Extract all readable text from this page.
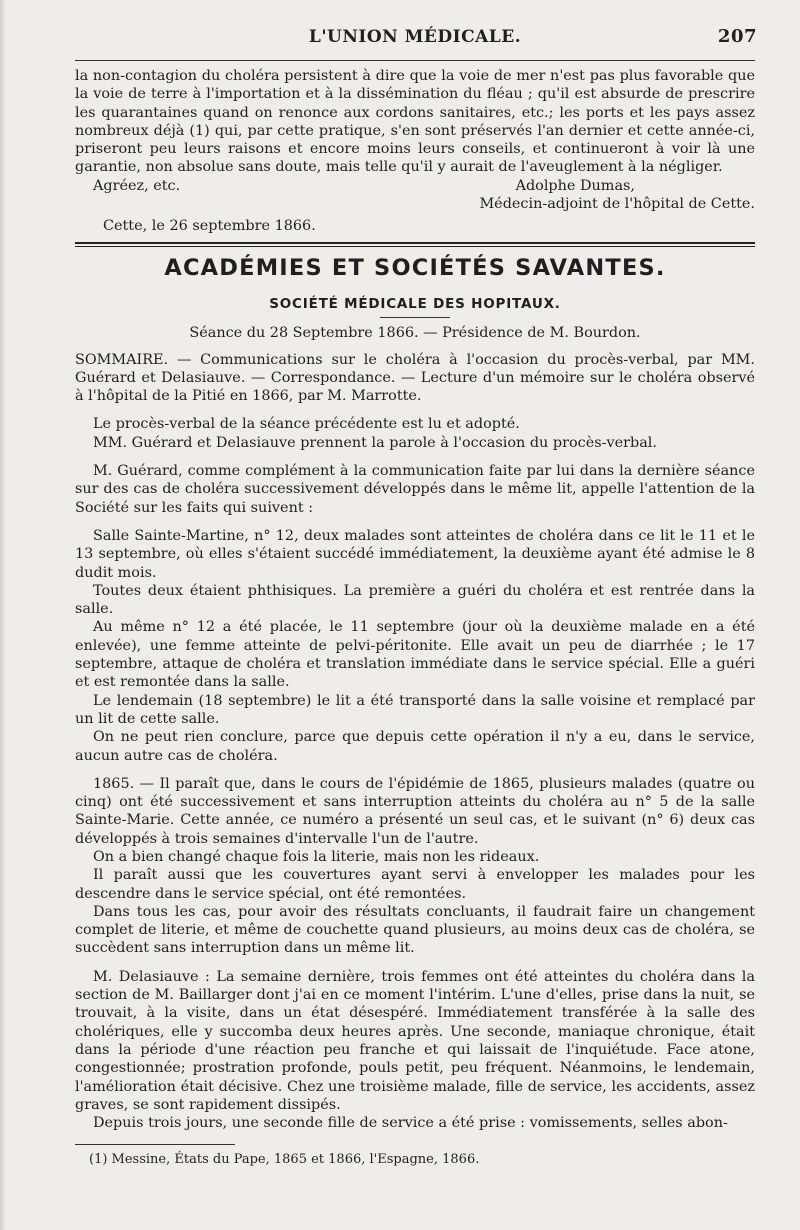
L'UNION MÉDICALE.	207

la non-contagion du choléra persistent à dire que la voie de mer n'est pas plus favorable que la voie de terre à l'importation et à la dissémination du fléau ; qu'il est absurde de prescrire les quarantaines quand on renonce aux cordons sanitaires, etc.; les ports et les pays assez nombreux déjà (1) qui, par cette pratique, s'en sont préservés l'an dernier et cette année-ci, priseront peu leurs raisons et encore moins leurs conseils, et continueront à voir là une garantie, non absolue sans doute, mais telle qu'il y aurait de l'aveuglement à la négliger.

Agréez, etc.	Adolphe Dumas,

Médecin-adjoint de l'hôpital de Cette.

Cette, le 26 septembre 1866.

ACADÉMIES ET SOCIÉTÉS SAVANTES.
SOCIÉTÉ MÉDICALE DES HOPITAUX.

Séance du 28 Septembre 1866. — Présidence de M. Bourdon.

SOMMAIRE. — Communications sur le choléra à l'occasion du procès-verbal, par MM. Guérard et Delasiauve. — Correspondance. — Lecture d'un mémoire sur le choléra observé à l'hôpital de la Pitié en 1866, par M. Marrotte.

Le procès-verbal de la séance précédente est lu et adopté.

MM. Guérard et Delasiauve prennent la parole à l'occasion du procès-verbal.

M. Guérard, comme complément à la communication faite par lui dans la dernière séance sur des cas de choléra successivement développés dans le même lit, appelle l'attention de la Société sur les faits qui suivent :

Salle Sainte-Martine, n° 12, deux malades sont atteintes de choléra dans ce lit le 11 et le 13 septembre, où elles s'étaient succédé immédiatement, la deuxième ayant été admise le 8 dudit mois.

Toutes deux étaient phthisiques. La première a guéri du choléra et est rentrée dans la salle.

Au même n° 12 a été placée, le 11 septembre (jour où la deuxième malade en a été enlevée), une femme atteinte de pelvi-péritonite. Elle avait un peu de diarrhée ; le 17 septembre, attaque de choléra et translation immédiate dans le service spécial. Elle a guéri et est remontée dans la salle.

Le lendemain (18 septembre) le lit a été transporté dans la salle voisine et remplacé par un lit de cette salle.

On ne peut rien conclure, parce que depuis cette opération il n'y a eu, dans le service, aucun autre cas de choléra.

1865. — Il paraît que, dans le cours de l'épidémie de 1865, plusieurs malades (quatre ou cinq) ont été successivement et sans interruption atteints du choléra au n° 5 de la salle Sainte-Marie. Cette année, ce numéro a présenté un seul cas, et le suivant (n° 6) deux cas développés à trois semaines d'intervalle l'un de l'autre.

On a bien changé chaque fois la literie, mais non les rideaux.

Il paraît aussi que les couvertures ayant servi à envelopper les malades pour les descendre dans le service spécial, ont été remontées.

Dans tous les cas, pour avoir des résultats concluants, il faudrait faire un changement complet de literie, et même de couchette quand plusieurs, au moins deux cas de choléra, se succèdent sans interruption dans un même lit.

M. Delasiauve : La semaine dernière, trois femmes ont été atteintes du choléra dans la section de M. Baillarger dont j'ai en ce moment l'intérim. L'une d'elles, prise dans la nuit, se trouvait, à la visite, dans un état désespéré. Immédiatement transférée à la salle des cholériques, elle y succomba deux heures après. Une seconde, maniaque chronique, était dans la période d'une réaction peu franche et qui laissait de l'inquiétude. Face atone, congestionnée; prostration profonde, pouls petit, peu fréquent. Néanmoins, le lendemain, l'amélioration était décisive. Chez une troisième malade, fille de service, les accidents, assez graves, se sont rapidement dissipés.

Depuis trois jours, une seconde fille de service a été prise : vomissements, selles abon-

(1) Messine, États du Pape, 1865 et 1866, l'Espagne, 1866.
